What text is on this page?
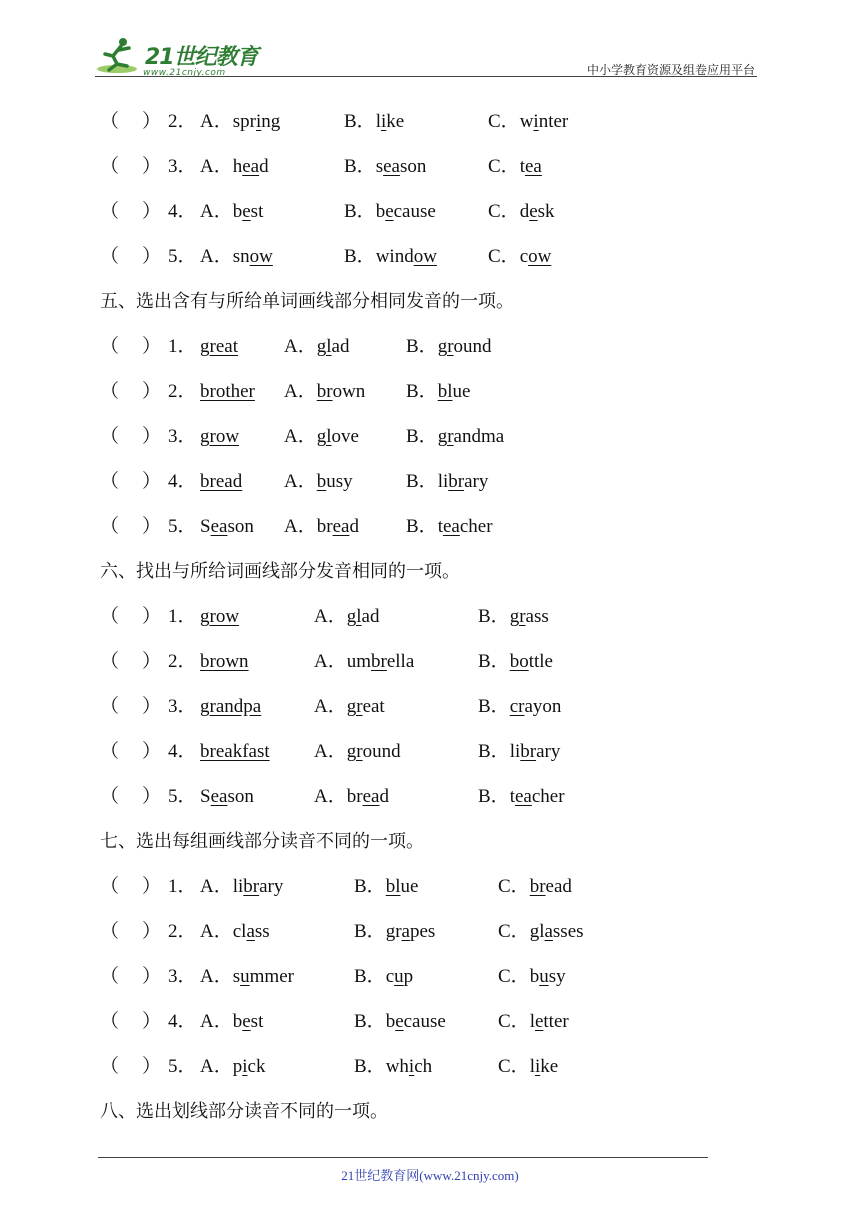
21世纪教育
www.21cnjy.com	中小学教育资源及组卷应用平台
（ ） 2． A．spring	B．like	C．winter
（ ） 3． A．head	B．season	C．tea
（ ） 4． A．best	B．because	C．desk
（ ） 5． A．snow	B．window	C．cow
五、选出含有与所给单词画线部分相同发音的一项。
（ ） 1． great A．glad	B．ground
（ ） 2． brother A．brown B．blue
（ ） 3． grow A．glove B．grandma
（ ） 4． bread A．busy	B．library
（ ） 5． Season A．bread B．teacher
六、找出与所给词画线部分发音相同的一项。
（ ） 1． grow	A．glad	B．grass
（ ） 2． brown	A．umbrella	B．bottle
（ ） 3． grandpa	A．great	B．crayon
（ ） 4． breakfast A．ground	B．library
（ ） 5． Season	A．bread	B．teacher
七、选出每组画线部分读音不同的一项。
（ ） 1． A．library	B．blue	C．bread
（ ） 2． A．class	B．grapes	C．glasses
（ ） 3． A．summer	B．cup	C．busy
（ ） 4． A．best	B．because	C．letter
（ ） 5． A．pick	B．which	C．like
八、选出划线部分读音不同的一项。
21世纪教育网(www.21cnjy.com)
